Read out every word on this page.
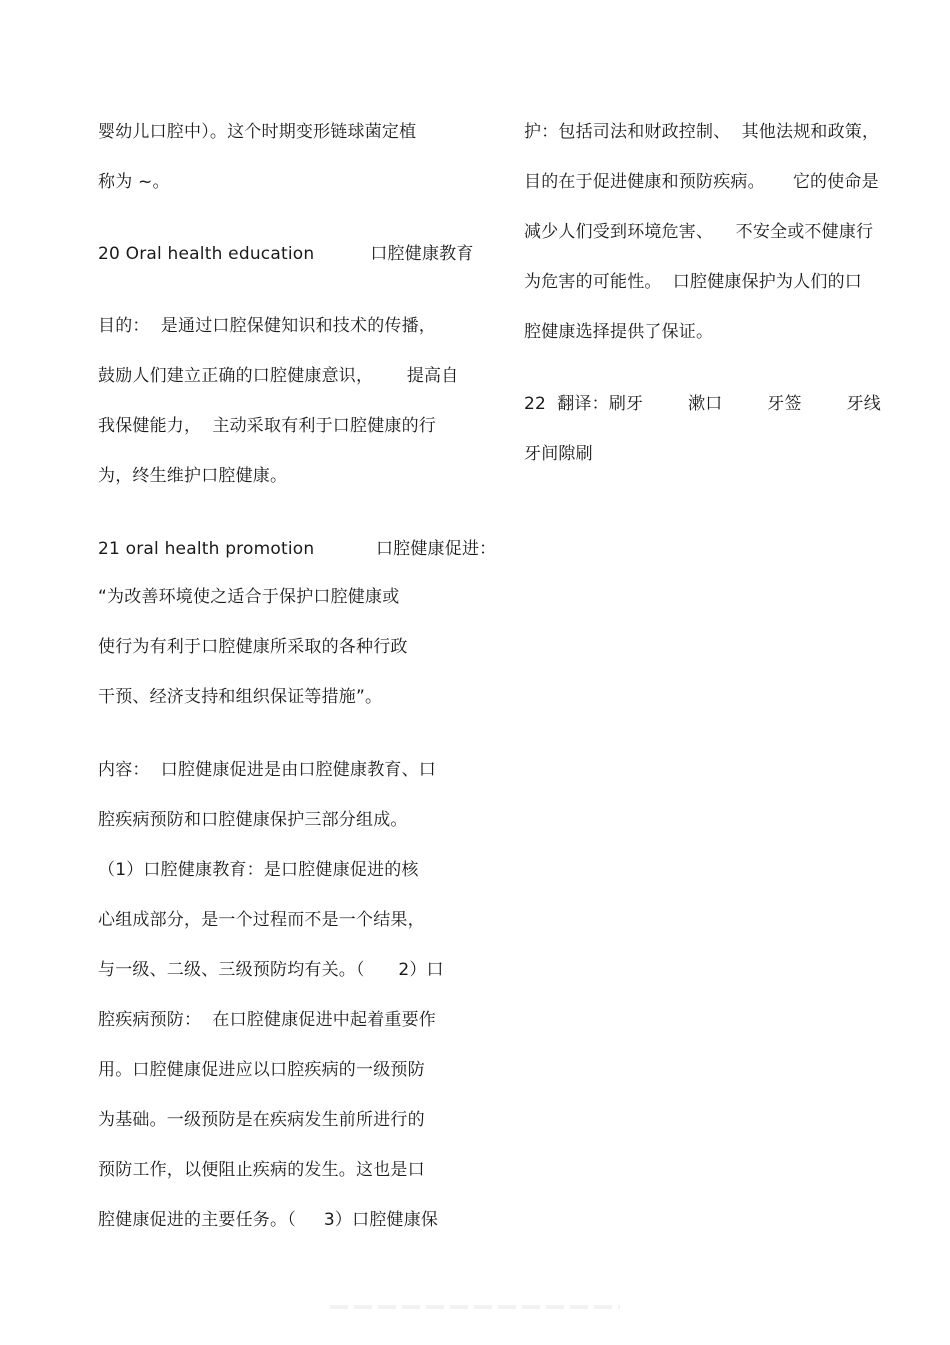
婴幼儿口腔中）。这个时期变形链球菌定植
称为 ~。
20 Oral health education          口腔健康教育
目的：  是通过口腔保健知识和技术的传播，
鼓励人们建立正确的口腔健康意识，      提高自
我保健能力，  主动采取有利于口腔健康的行
为，终生维护口腔健康。
21 oral health promotion           口腔健康促进：
“为改善环境使之适合于保护口腔健康或
使行为有利于口腔健康所采取的各种行政
干预、经济支持和组织保证等措施”。
内容：  口腔健康促进是由口腔健康教育、口
腔疾病预防和口腔健康保护三部分组成。
（1）口腔健康教育：是口腔健康促进的核
心组成部分，是一个过程而不是一个结果，
与一级、二级、三级预防均有关。（      2）口
腔疾病预防：  在口腔健康促进中起着重要作
用。口腔健康促进应以口腔疾病的一级预防
为基础。一级预防是在疾病发生前所进行的
预防工作，以便阻止疾病的发生。这也是口
腔健康促进的主要任务。（     3）口腔健康保
护：包括司法和财政控制、  其他法规和政策，
目的在于促进健康和预防疾病。     它的使命是
减少人们受到环境危害、    不安全或不健康行
为危害的可能性。  口腔健康保护为人们的口
腔健康选择提供了保证。
22  翻译：刷牙        漱口        牙签        牙线
牙间隙刷
